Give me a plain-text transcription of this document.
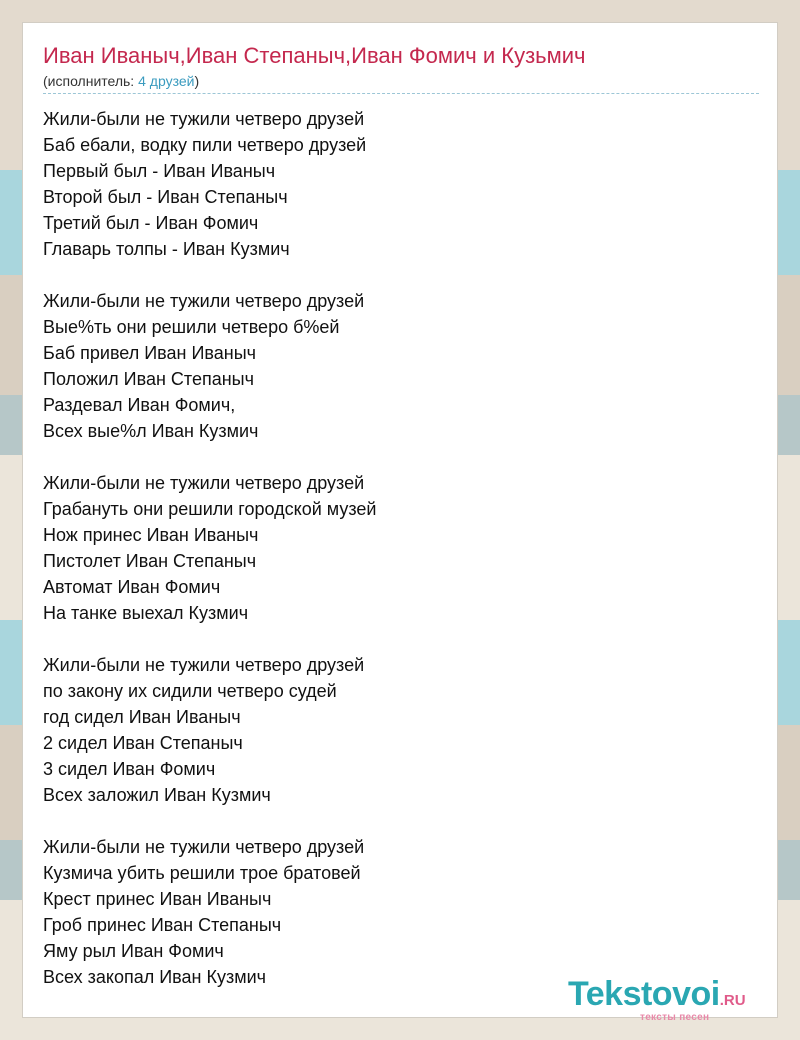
Иван Иваныч,Иван Степаныч,Иван Фомич и Кузьмич
(исполнитель: 4 друзей)
Жили-были не тужили четверо друзей
Баб ебали, водку пили четверо друзей
Первый был - Иван Иваныч
Второй был - Иван Степаныч
Третий был - Иван Фомич
Главарь толпы - Иван Кузмич
Жили-были не тужили четверо друзей
Вые%ть они решили четверо б%ей
Баб привел Иван Иваныч
Положил Иван Степаныч
Раздевал Иван Фомич,
Всех вые%л Иван Кузмич
Жили-были не тужили четверо друзей
Грабануть они решили городской музей
Нож принес Иван Иваныч
Пистолет Иван Степаныч
Автомат Иван Фомич
На танке выехал Кузмич
Жили-были не тужили четверо друзей
по закону их сидили четверо судей
год сидел Иван Иваныч
2 сидел Иван Степаныч
3 сидел Иван Фомич
Всех заложил Иван Кузмич
Жили-были не тужили четверо друзей
Кузмича убить решили трое братовей
Крест принес Иван Иваныч
Гроб принес Иван Степаныч
Яму рыл Иван Фомич
Всех закопал Иван Кузмич	Tekstovoi.RU
тексты песен
